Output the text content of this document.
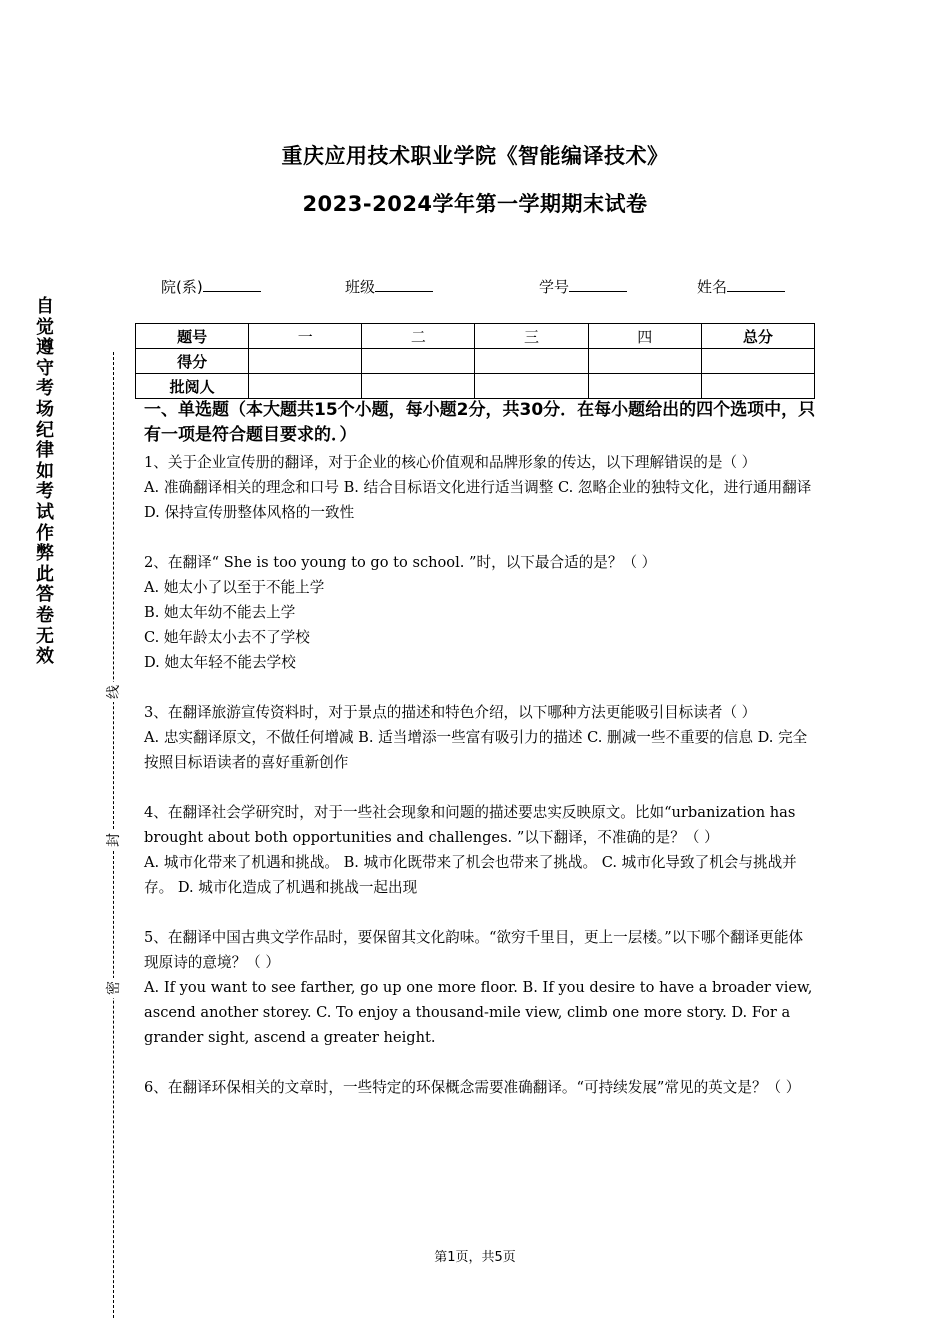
重庆应用技术职业学院《智能编译技术》
2023-2024学年第一学期期末试卷
自觉遵守考场纪律如考试作弊此答卷无效
线
封
密
院(系)	班级	学号	姓名
题号	一	二	三	四	总分
得分					
批阅人					
一、单选题（本大题共15个小题，每小题2分，共30分．在每小题给出的四个选项中，只有一项是符合题目要求的．）

1、关于企业宣传册的翻译，对于企业的核心价值观和品牌形象的传达，以下理解错误的是（ ）

A. 准确翻译相关的理念和口号 B. 结合目标语文化进行适当调整 C. 忽略企业的独特文化，进行通用翻译 D. 保持宣传册整体风格的一致性

2、在翻译“ She is too young to go to school. ”时，以下最合适的是？（ ）

A. 她太小了以至于不能上学

B. 她太年幼不能去上学

C. 她年龄太小去不了学校

D. 她太年轻不能去学校

3、在翻译旅游宣传资料时，对于景点的描述和特色介绍，以下哪种方法更能吸引目标读者（ ）

A. 忠实翻译原文，不做任何增减 B. 适当增添一些富有吸引力的描述 C. 删减一些不重要的信息 D. 完全按照目标语读者的喜好重新创作

4、在翻译社会学研究时，对于一些社会现象和问题的描述要忠实反映原文。比如“urbanization has brought about both opportunities and challenges. ”以下翻译，不准确的是？（ ）

A. 城市化带来了机遇和挑战。 B. 城市化既带来了机会也带来了挑战。 C. 城市化导致了机会与挑战并存。 D. 城市化造成了机遇和挑战一起出现

5、在翻译中国古典文学作品时，要保留其文化韵味。“欲穷千里目，更上一层楼。”以下哪个翻译更能体现原诗的意境？（ ）

A. If you want to see farther, go up one more floor. B. If you desire to have a broader view, ascend another storey. C. To enjoy a thousand-mile view, climb one more story. D. For a grander sight, ascend a greater height.

6、在翻译环保相关的文章时，一些特定的环保概念需要准确翻译。“可持续发展”常见的英文是？（ ）

第1页，共5页
